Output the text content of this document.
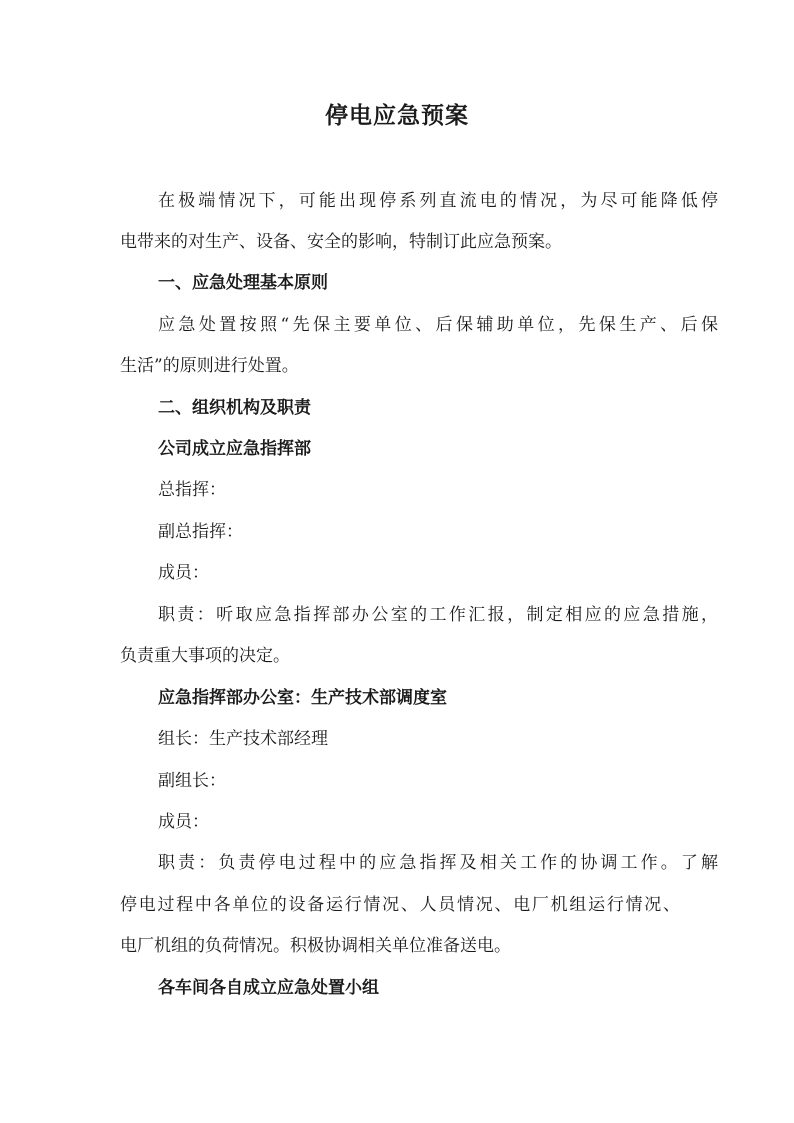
停电应急预案

在极端情况下，可能出现停系列直流电的情况，为尽可能降低停

电带来的对生产、设备、安全的影响，特制订此应急预案。

一、应急处理基本原则

应急处置按照“先保主要单位、后保辅助单位，先保生产、后保

生活”的原则进行处置。

二、组织机构及职责

公司成立应急指挥部

总指挥：

副总指挥：

成员：

职责：听取应急指挥部办公室的工作汇报，制定相应的应急措施，

负责重大事项的决定。

应急指挥部办公室：生产技术部调度室

组长：生产技术部经理

副组长：

成员：

职责：负责停电过程中的应急指挥及相关工作的协调工作。了解

停电过程中各单位的设备运行情况、人员情况、电厂机组运行情况、

电厂机组的负荷情况。积极协调相关单位准备送电。

各车间各自成立应急处置小组
